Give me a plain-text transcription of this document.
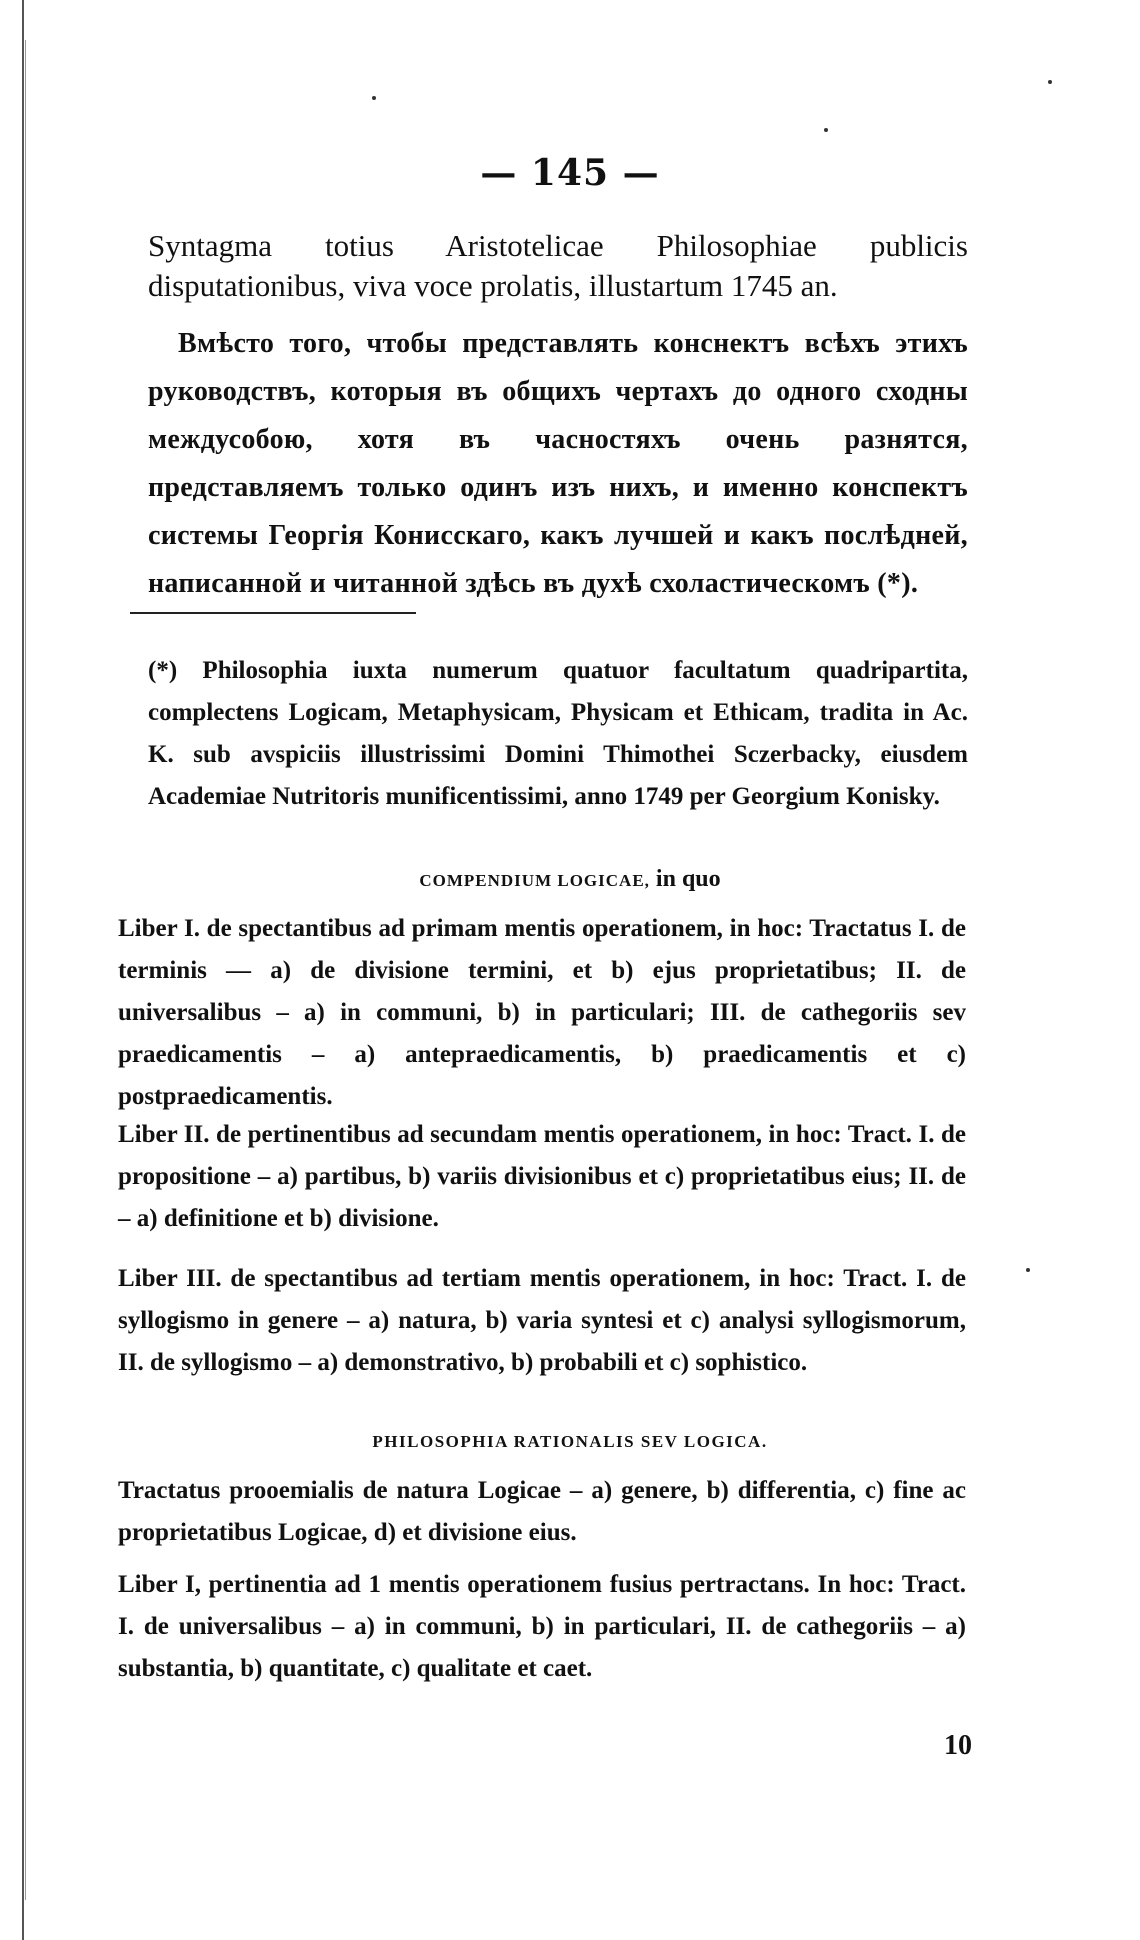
— 145 —

Syntagma totius Aristotelicae Philosophiae publicis disputationibus, viva voce prolatis, illustartum 1745 an.

Вмѣсто того, чтобы представлять конснектъ всѣхъ этихъ руководствъ, которыя въ общихъ чертахъ до одного сходны междусобою, хотя въ часностяхъ очень разнятся, представляемъ только одинъ изъ нихъ, и именно конспектъ системы Георгія Конисскаго, какъ лучшей и какъ послѣдней, написанной и читанной здѣсь въ духѣ схоластическомъ (*).
(*) Philosophia iuxta numerum quatuor facultatum quadripartita, complectens Logicam, Metaphysicam, Physicam et Ethicam, tradita in Ac. K. sub avspiciis illustrissimi Domini Thimothei Sczerbacky, eiusdem Academiae Nutritoris munificentissimi, anno 1749 per Georgium Konisky.
COMPENDIUM LOGICAE, in quo
Liber I. de spectantibus ad primam mentis operationem, in hoc: Tractatus I. de terminis — a) de divisione termini, et b) ejus proprietatibus; II. de universalibus – a) in communi, b) in particulari; III. de cathegoriis sev praedicamentis – a) antepraedicamentis, b) praedicamentis et c) postpraedicamentis.
Liber II. de pertinentibus ad secundam mentis operationem, in hoc: Tract. I. de propositione – a) partibus, b) variis divisionibus et c) proprietatibus eius; II. de – a) definitione et b) divisione.
Liber III. de spectantibus ad tertiam mentis operationem, in hoc: Tract. I. de syllogismo in genere – a) natura, b) varia syntesi et c) analysi syllogismorum, II. de syllogismo – a) demonstrativo, b) probabili et c) sophistico.
PHILOSOPHIA RATIONALIS SEV LOGICA.
Tractatus prooemialis de natura Logicae – a) genere, b) differentia, c) fine ac proprietatibus Logicae, d) et divisione eius.
Liber I, pertinentia ad 1 mentis operationem fusius pertractans. In hoc: Tract. I. de universalibus – a) in communi, b) in particulari, II. de cathegoriis – a) substantia, b) quantitate, c) qualitate et caet.
10
